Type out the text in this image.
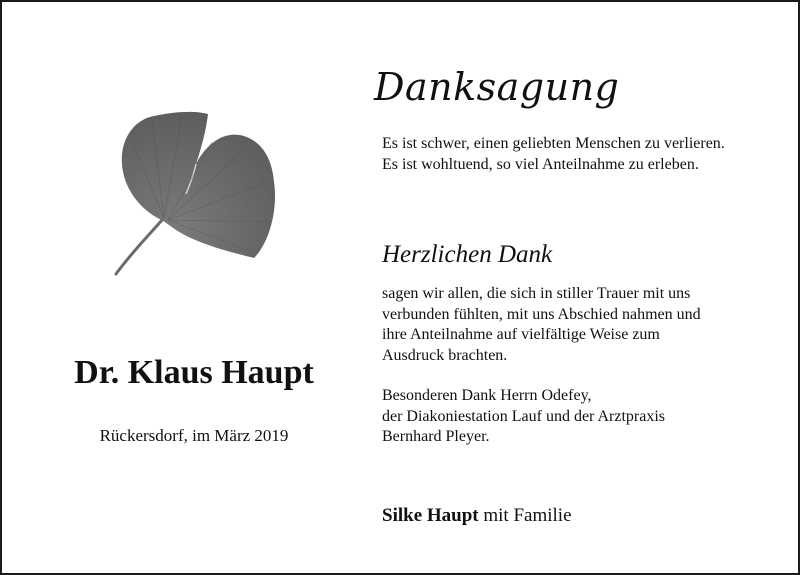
Dr. Klaus Haupt
Rückersdorf, im März 2019
Danksagung
Es ist schwer, einen geliebten Menschen zu verlieren.
Es ist wohltuend, so viel Anteilnahme zu erleben.
Herzlichen Dank
sagen wir allen, die sich in stiller Trauer mit uns
verbunden fühlten, mit uns Abschied nahmen und
ihre Anteilnahme auf vielfältige Weise zum
Ausdruck brachten.
Besonderen Dank Herrn Odefey,
der Diakoniestation Lauf und der Arztpraxis
Bernhard Pleyer.
Silke Haupt mit Familie
